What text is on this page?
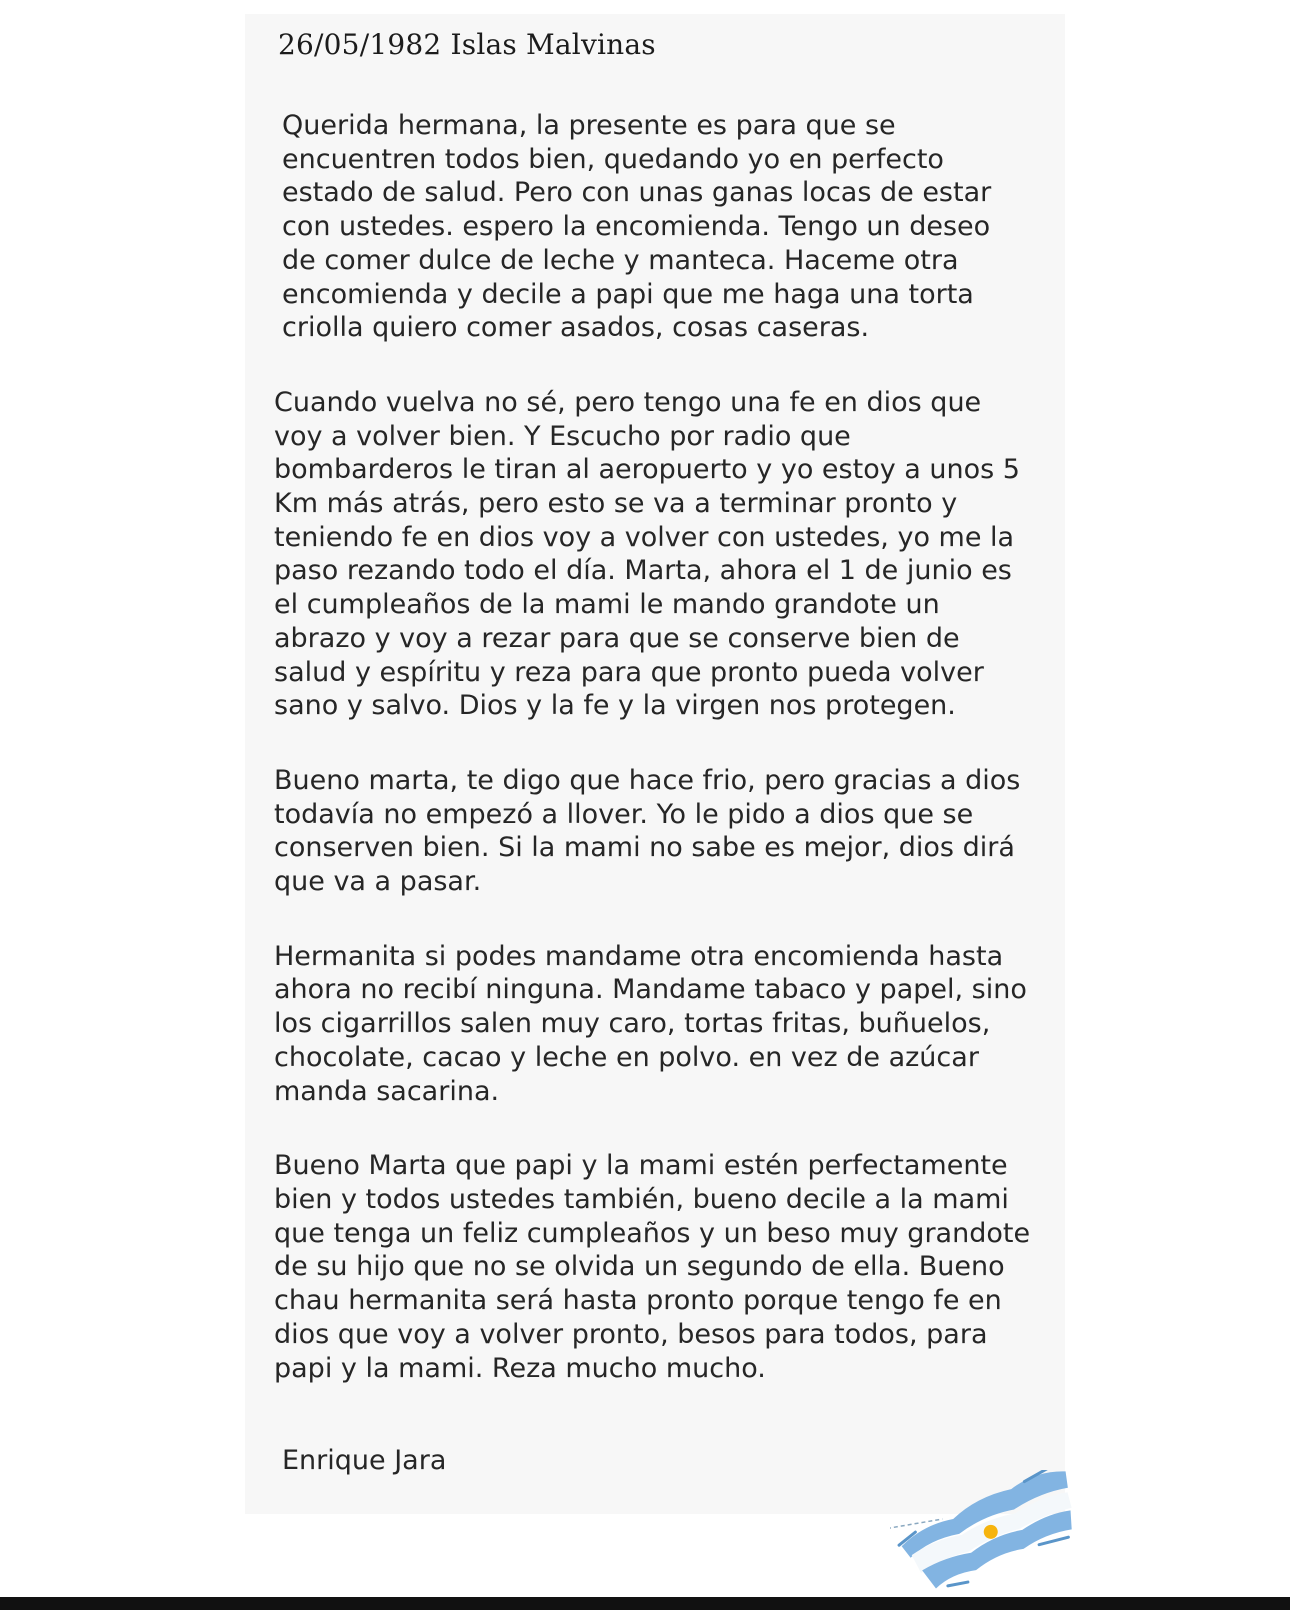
26/05/1982 Islas Malvinas

Querida hermana, la presente es para que se
encuentren todos bien, quedando yo en perfecto
estado de salud. Pero con unas ganas locas de estar
con ustedes. espero la encomienda. Tengo un deseo
de comer dulce de leche y manteca. Haceme otra
encomienda y decile a papi que me haga una torta
criolla quiero comer asados, cosas caseras.

Cuando vuelva no sé, pero tengo una fe en dios que
voy a volver bien. Y Escucho por radio que
bombarderos le tiran al aeropuerto y yo estoy a unos 5
Km más atrás, pero esto se va a terminar pronto y
teniendo fe en dios voy a volver con ustedes, yo me la
paso rezando todo el día. Marta, ahora el 1 de junio es
el cumpleaños de la mami le mando grandote un
abrazo y voy a rezar para que se conserve bien de
salud y espíritu y reza para que pronto pueda volver
sano y salvo. Dios y la fe y la virgen nos protegen.

Bueno marta, te digo que hace frio, pero gracias a dios
todavía no empezó a llover. Yo le pido a dios que se
conserven bien. Si la mami no sabe es mejor, dios dirá
que va a pasar.

Hermanita si podes mandame otra encomienda hasta
ahora no recibí ninguna. Mandame tabaco y papel, sino
los cigarrillos salen muy caro, tortas fritas, buñuelos,
chocolate, cacao y leche en polvo. en vez de azúcar
manda sacarina.

Bueno Marta que papi y la mami estén perfectamente
bien y todos ustedes también, bueno decile a la mami
que tenga un feliz cumpleaños y un beso muy grandote
de su hijo que no se olvida un segundo de ella. Bueno
chau hermanita será hasta pronto porque tengo fe en
dios que voy a volver pronto, besos para todos, para
papi y la mami. Reza mucho mucho.

Enrique Jara
